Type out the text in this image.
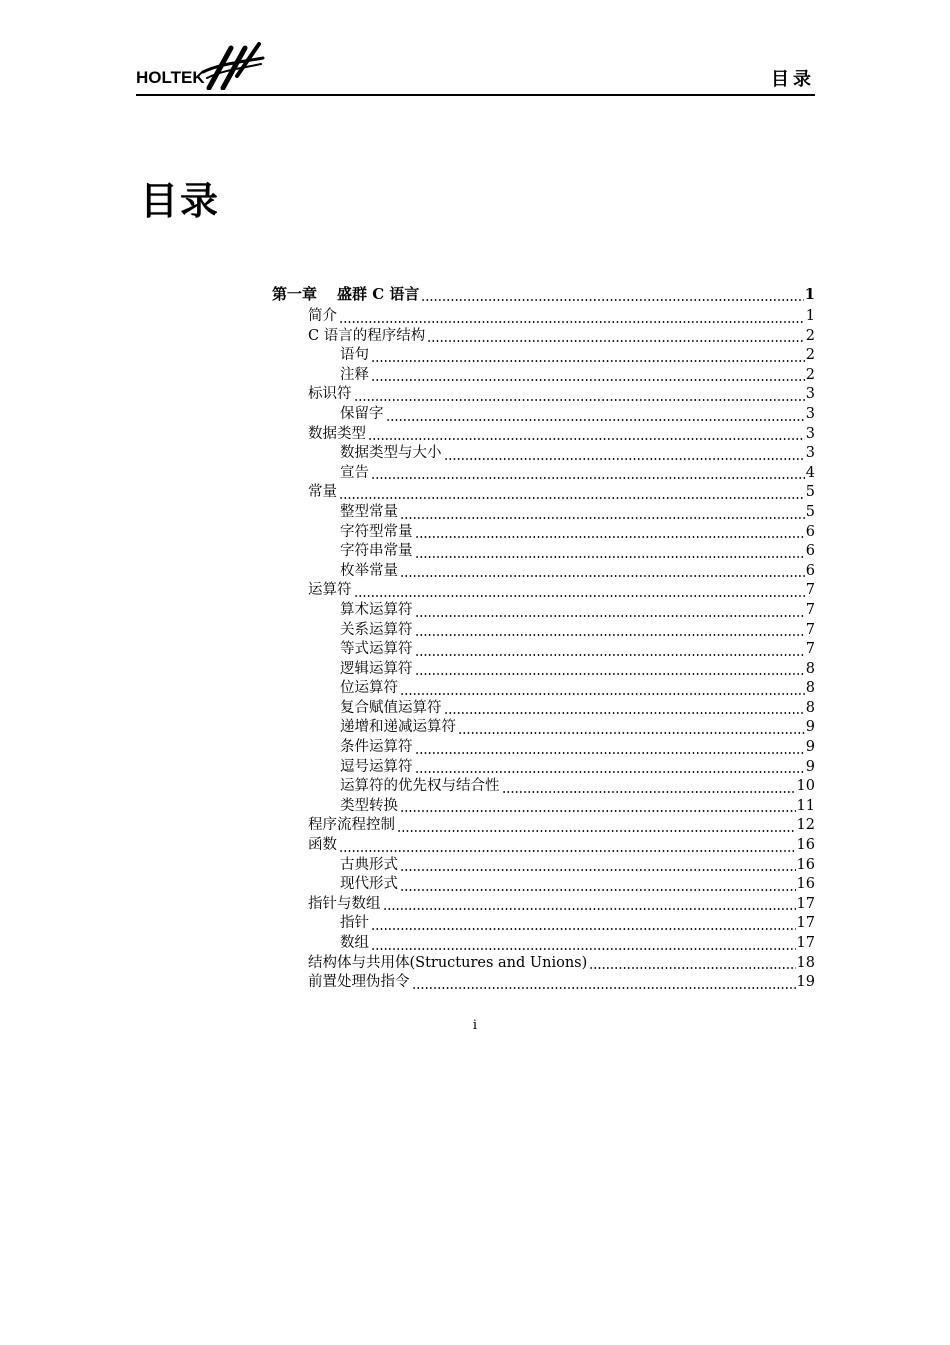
HOLTEK	目录
目录
第一章 盛群 C 语言	1
简介	1
C 语言的程序结构	2
语句	2
注释	2
标识符	3
保留字	3
数据类型	3
数据类型与大小	3
宣告	4
常量	5
整型常量	5
字符型常量	6
字符串常量	6
枚举常量	6
运算符	7
算术运算符	7
关系运算符	7
等式运算符	7
逻辑运算符	8
位运算符	8
复合赋值运算符	8
递增和递减运算符	9
条件运算符	9
逗号运算符	9
运算符的优先权与结合性	10
类型转换	11
程序流程控制	12
函数	16
古典形式	16
现代形式	16
指针与数组	17
指针	17
数组	17
结构体与共用体(Structures and Unions)	18
前置处理伪指令	19
i
